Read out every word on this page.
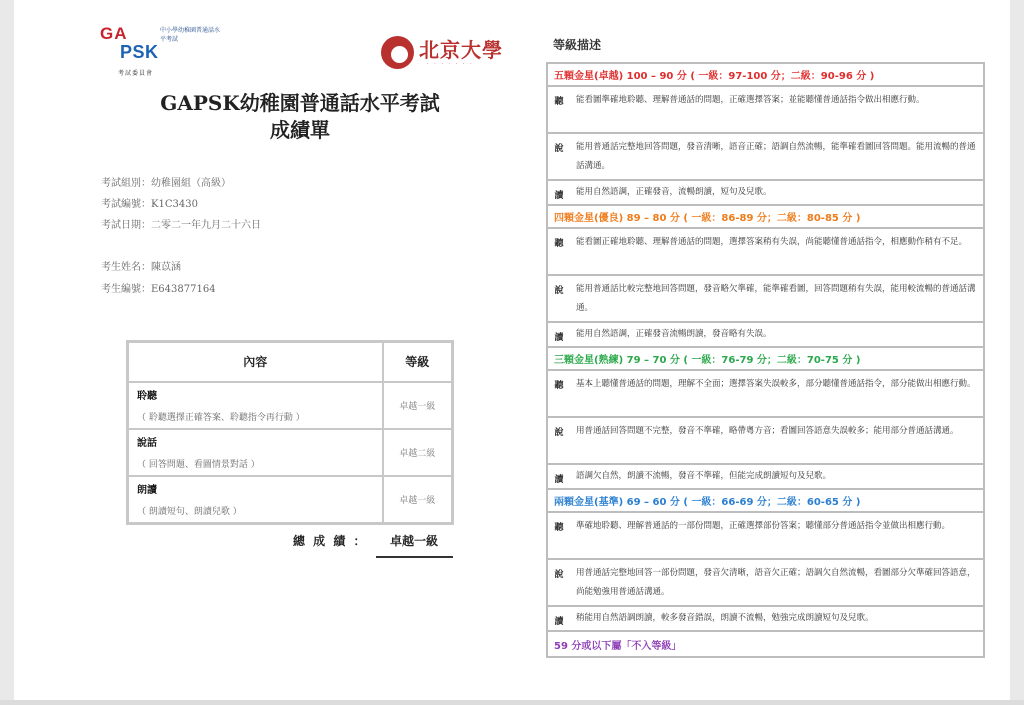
GA
PSK
中小學幼稚園普通話水平考試
考試委員會
北京大學
· · · · · · ·
GAPSK幼稚園普通話水平考試
成績單
考試組別：幼稚園組（高級）
考試編號：K1C3430
考試日期：二零二一年九月二十六日
考生姓名：陳苡涵
考生編號：E643877164
內容	等級

聆聽
（ 聆聽選擇正確答案、聆聽指令再行動 ）	卓越一級

說話
（ 回答問題、看圖情景對話 ）	卓越二級

朗讀
（ 朗讀短句、朗讀兒歌 ）	卓越一級
總 成 績 ：	卓越一級
等級描述
五顆金星(卓越) 100 – 90 分 ( 一級：97-100 分；二級：90-96 分 )
聽	能看圖準確地聆聽、理解普通話的問題，正確選擇答案；並能聽懂普通話指令做出相應行動。
說	能用普通話完整地回答問題，發音清晰，語音正確；語調自然流暢，能準確看圖回答問題。能用流暢的普通話溝通。
讀	能用自然語調，正確發音，流暢朗讀，短句及兒歌。
四顆金星(優良) 89 – 80 分 ( 一級：86-89 分；二級：80-85 分 )
聽	能看圖正確地聆聽、理解普通話的問題，選擇答案稍有失誤，尚能聽懂普通話指令，相應動作稍有不足。
說	能用普通話比較完整地回答問題，發音略欠準確，能準確看圖，回答問題稍有失誤，能用較流暢的普通話溝通。
讀	能用自然語調，正確發音流暢朗讀，發音略有失誤。
三顆金星(熟練) 79 – 70 分 ( 一級：76-79 分；二級：70-75 分 )
聽	基本上聽懂普通話的問題，理解不全面；選擇答案失誤較多，部分聽懂普通話指令，部分能做出相應行動。
說	用普通話回答問題不完整，發音不準確，略帶粵方音；看圖回答語意失誤較多；能用部分普通話溝通。
讀	語調欠自然，朗讀不流暢，發音不準確，但能完成朗讀短句及兒歌。
兩顆金星(基準) 69 – 60 分 ( 一級：66-69 分；二級：60-65 分 )
聽	準確地聆聽、理解普通話的一部份問題，正確選擇部份答案；聽懂部分普通話指令並做出相應行動。
說	用普通話完整地回答一部份問題，發音欠清晰，語音欠正確；語調欠自然流暢，看圖部分欠準確回答語意，尚能勉強用普通話溝通。
讀	稍能用自然語調朗讀，較多發音錯誤，朗讀不流暢，勉強完成朗讀短句及兒歌。
59 分或以下屬「不入等級」
